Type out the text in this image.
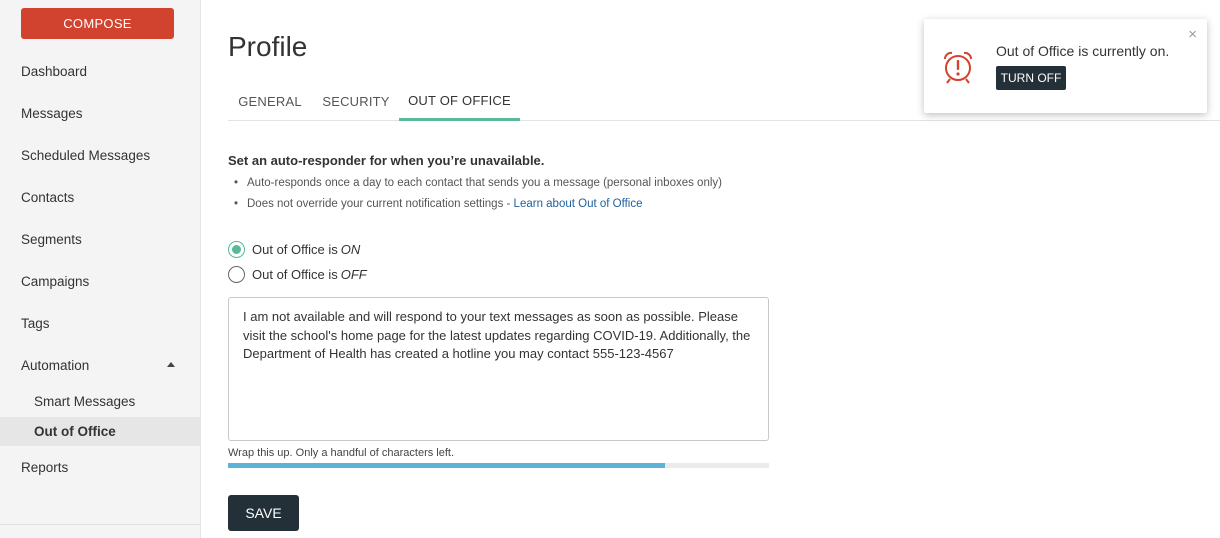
COMPOSE
Dashboard
Messages
Scheduled Messages
Contacts
Segments
Campaigns
Tags
Automation
Smart Messages
Out of Office
Reports
Profile
GENERAL	SECURITY	OUT OF OFFICE
Set an auto-responder for when you’re unavailable.
• Auto-responds once a day to each contact that sends you a message (personal inboxes only)
• Does not override your current notification settings - Learn about Out of Office
Out of Office is ON
Out of Office is OFF
I am not available and will respond to your text messages as soon as possible. Please visit the school's home page for the latest updates regarding COVID-19. Additionally, the Department of Health has created a hotline you may contact 555-123-4567
Wrap this up. Only a handful of characters left.
SAVE
Out of Office is currently on.
TURN OFF
×
